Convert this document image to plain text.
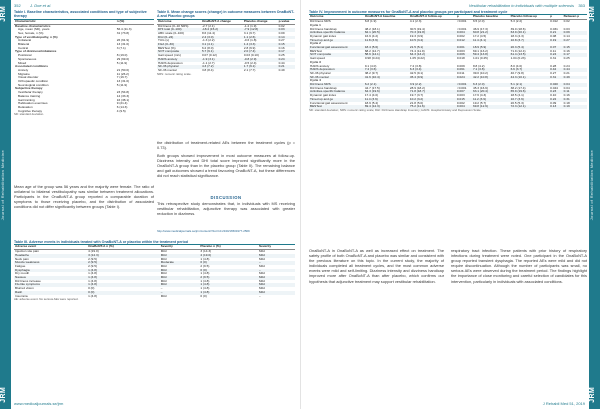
JRM
Journal of Rehabilitation Medicine
JRM
352 J. Doe et al.
Table I. Baseline characteristics, associated conditions and type of subjective therapy
Characteristic	n (%)
Baseline characteristics	
Age, mean (SD), years	56.4 (11.3)
Sex, female, n (%)	31 (73.8)
Type of vestibulopathy, n (%)	
Unilateral	26 (61.9)
Bilateral	13 (31.0)
Central	3 (7.1)
Type of dizziness/imbalance	
Positional	8 (19.0)
Spontaneous	29 (69.0)
Mixed	5 (11.9)
Associated conditions	
Anxiety	21 (50.0)
Migraine	11 (26.2)
Visual disorder	7 (16.7)
Orthopaedic condition	13 (31.0)
Neurological condition	5 (11.9)
Subjective therapy	
Vestibular therapy	23 (54.8)
Balance training	14 (33.3)
Gait training	16 (38.1)
Habituation exercises	9 (21.4)
Relaxation	6 (14.3)
Cognitive therapy	4 (9.5)
SD: standard deviation.
Table II. Mean change scores (change) in outcome measures between OnaBoNT-A and Placebo groups
Outcome	OnaBoNT-A change	Placebo change	p-value
Dizziness (0–10 NRS)	-2.7 (2.1)	-1.2 (1.9)	0.02
DHI total (0–100)	-18.4 (15.2)	-7.9 (12.8)	0.03
ABC scale (0–100)	8.6 (11.4)	3.1 (9.7)	0.09
DGI (0–24)	2.4 (3.0)	1.1 (2.6)	0.14
TUG (s)	-1.3 (2.2)	-0.6 (1.8)	0.27
FGA (0–30)	3.1 (4.1)	1.4 (3.3)	0.15
BESTest (%)	6.2 (8.0)	2.8 (6.9)	0.16
SOT composite	5.7 (9.1)	2.0 (7.4)	0.17
Gait speed (m/s)	0.07 (0.12)	0.03 (0.10)	0.25
HADS anxiety	-1.9 (3.1)	-0.8 (2.9)	0.24
HADS depression	-1.1 (2.7)	-0.5 (2.4)	0.44
SF-36 physical	4.3 (7.2)	1.7 (6.1)	0.21
SF-36 mental	3.8 (8.4)	2.1 (7.7)	0.49
NRS: numeric rating scale.
the distribution of treatment-related AEs between the treatment cycles (p = 0.73).
Both groups showed improvement in most outcome measures at follow-up. Dizziness intensity and DHI total score improved significantly more in the OnaBoNT-A group than in the placebo group (Table II). The remaining balance and gait outcomes showed a trend favouring OnaBoNT-A, but these differences did not reach statistical significance.
Mean age of the group was 56 years and the majority were female. The ratio of unilateral to bilateral vestibulopathy was similar between treatment allocations. Participants in the OnaBoNT-A group reported a comparable duration of symptoms to those receiving placebo, and the distribution of associated conditions did not differ significantly between groups (Table I).
DISCUSSION
This retrospective study demonstrates that, in individuals with MS receiving vestibular rehabilitation, adjunctive therapy was associated with greater reduction in dizziness.
http://www.medicaljournals.se/jrm/content/?doi=10.2340/16501977-2569
Table III. Adverse events in individuals treated with OnaBoNT-A or placebo within the treatment period
Adverse event	OnaBoNT-A n (%)	Severity	Placebo n (%)	Severity
Injection site pain	4 (19.0)	Mild	3 (14.3)	Mild
Headache	3 (14.3)	Mild	4 (19.0)	Mild
Neck pain	2 (9.5)	Mild	1 (4.8)	Mild
Muscle weakness	2 (9.5)	Moderate	0 (0)	–
Fatigue	2 (9.5)	Mild	2 (9.5)	Mild
Dysphagia	1 (4.8)	Mild	0 (0)	–
Dry mouth	1 (4.8)	Mild	1 (4.8)	Mild
Nausea	1 (4.8)	Mild	2 (9.5)	Mild
Dizziness increase	1 (4.8)	Mild	1 (4.8)	Mild
Flu-like symptoms	1 (4.8)	Mild	1 (4.8)	Mild
Blurred vision	0 (0)	–	1 (4.8)	Mild
Rash	0 (0)	–	1 (4.8)	Mild
Insomnia	1 (4.8)	Mild	0 (0)	–
AE: adverse event. No serious AEs were reported.
www.medicaljournals.se/jrm
JRM
Journal of Rehabilitation Medicine
JRM
Vestibular rehabilitation in individuals with multiple sclerosis 353
Table IV. Improvement in outcome measures for OnaBoNT-A and placebo groups per participant and treatment cycle
Outcome	OnaBoNT-A baseline	OnaBoNT-A follow-up	p	Placebo baseline	Placebo follow-up	p	Between p
Dizziness NRS	6.8 (1.9)	4.1 (2.3)	<0.001	6.5 (2.0)	5.3 (2.2)	0.012	0.02
Cycle 1							
Dizziness handicap	48.2 (18.1)	30.5 (19.4)	<0.001	46.9 (17.3)	39.0 (18.6)	0.031	0.03
Activities-specific balance	62.1 (20.5)	70.3 (19.8)	0.004	60.8 (21.2)	63.9 (20.1)	0.21	0.09
Dynamic gait index	16.9 (4.2)	19.3 (3.9)	0.002	17.2 (4.5)	18.3 (4.3)	0.08	0.14
Timed up and go	11.8 (3.9)	10.5 (3.4)	0.012	11.4 (4.1)	10.8 (3.7)	0.19	0.27
Cycle 2							
Functional gait assessment	18.4 (5.6)	21.5 (5.1)	0.001	18.9 (5.9)	20.3 (5.4)	0.07	0.15
BESTest	68.2 (12.7)	74.4 (11.9)	0.003	69.1 (13.2)	71.9 (12.4)	0.11	0.16
SOT composite	58.6 (14.1)	64.3 (13.2)	0.006	59.4 (13.8)	61.4 (13.5)	0.24	0.17
Gait speed	0.98 (0.24)	1.05 (0.22)	0.018	1.01 (0.25)	1.04 (0.23)	0.31	0.25
Cycle 3							
HADS anxiety	9.1 (4.0)	7.2 (3.8)	0.009	8.8 (4.2)	8.0 (4.0)	0.28	0.24
HADS depression	7.4 (3.6)	6.3 (3.4)	0.061	7.1 (3.8)	6.6 (3.7)	0.42	0.44
SF-36 physical	38.2 (9.7)	42.5 (9.1)	0.011	39.0 (10.2)	40.7 (9.8)	0.27	0.21
SF-36 mental	41.6 (10.4)	45.4 (9.9)	0.024	42.2 (10.8)	44.3 (10.1)	0.31	0.49
Cycle 4							
Dizziness NRS	6.2 (2.1)	3.9 (2.2)	<0.001	6.3 (2.0)	5.1 (2.1)	0.020	0.04
Dizziness handicap	44.7 (17.5)	28.9 (18.2)	<0.001	45.3 (16.9)	38.2 (17.4)	0.044	0.04
Activities-specific balance	64.3 (19.6)	71.8 (18.7)	0.007	63.1 (20.4)	65.9 (19.6)	0.23	0.11
Dynamic gait index	17.4 (4.0)	19.7 (3.7)	0.003	17.6 (4.3)	18.5 (4.1)	0.10	0.16
Timed up and go	11.4 (3.6)	10.2 (3.2)	0.015	11.2 (3.9)	10.7 (3.6)	0.22	0.31
Functional gait assessment	18.9 (5.4)	21.8 (5.0)	0.002	19.2 (5.7)	20.5 (5.3)	0.09	0.18
BESTest	69.4 (12.3)	75.2 (11.6)	0.004	69.8 (12.9)	72.3 (12.1)	0.13	0.19
SD: standard deviation; NRS: numeric rating scale; DHI: Dizziness Handicap Inventory; HADS: Hospital Anxiety and Depression Scale.
OnaBoNT-A in OnaBoNT-A as well as increased effect on treatment. The safety profile of both OnaBoNT-A and placebo was similar and consistent with the previous literature on this topic. In the current study, the majority of individuals completed all treatment cycles, and the most common adverse events were mild and self-limiting. Dizziness intensity and dizziness handicap improved more after OnaBoNT-A than after placebo, which confirms our hypothesis that adjunctive treatment may support vestibular rehabilitation.
respiratory tract infection. These patients with prior history of respiratory infections during treatment were noted. One participant in the OnaBoNT-A group reported transient dysphagia. The reported AEs were mild and did not require discontinuation. Although the number of participants was small, no serious AEs were observed during the treatment period. The findings highlight the importance of close monitoring and careful selection of candidates for this intervention, particularly in individuals with associated conditions.
J Rehabil Med 51, 2019
